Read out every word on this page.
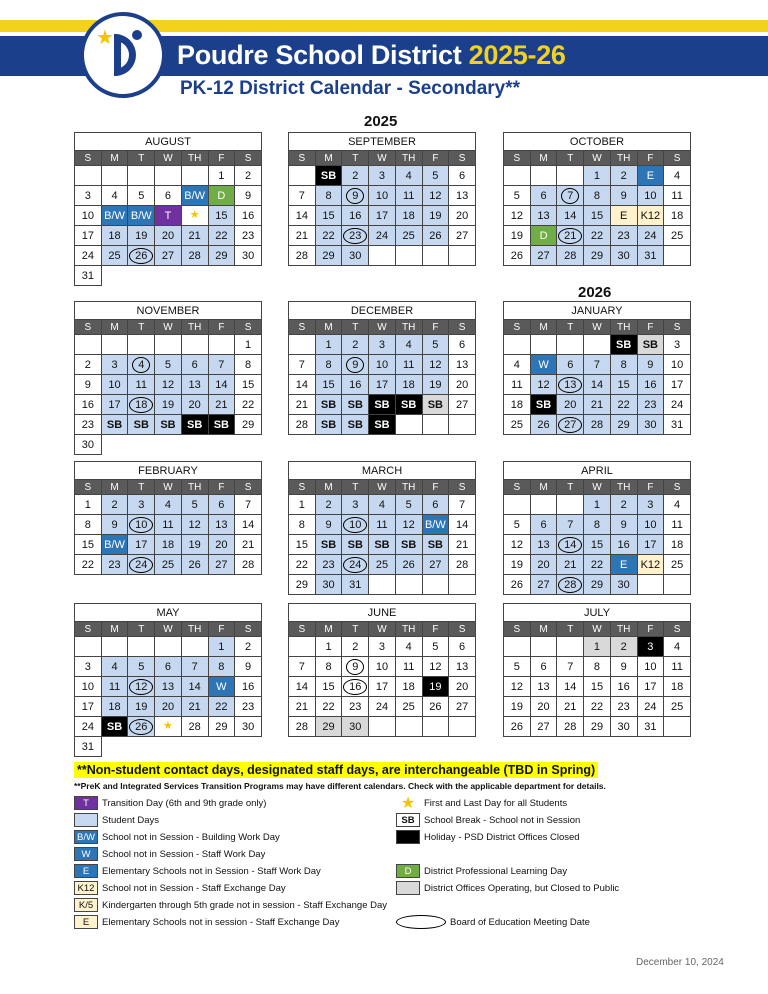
★
Poudre School District 2025-26
PK-12 District Calendar - Secondary**
2025
2026
AUGUST						
S	M	T	W	TH	F	S
					1	2
3	4	5	6	B/W	D	9
10	B/W	B/W	T	★	15	16
17	18	19	20	21	22	23
24	25	26	27	28	29	30
31						
SEPTEMBER						
S	M	T	W	TH	F	S
	SB	2	3	4	5	6
7	8	9	10	11	12	13
14	15	16	17	18	19	20
21	22	23	24	25	26	27
28	29	30				
OCTOBER						
S	M	T	W	TH	F	S
			1	2	E	4
5	6	7	8	9	10	11
12	13	14	15	E	K12	18
19	D	21	22	23	24	25
26	27	28	29	30	31	
NOVEMBER						
S	M	T	W	TH	F	S
						1
2	3	4	5	6	7	8
9	10	11	12	13	14	15
16	17	18	19	20	21	22
23	SB	SB	SB	SB	SB	29
30						
DECEMBER						
S	M	T	W	TH	F	S
	1	2	3	4	5	6
7	8	9	10	11	12	13
14	15	16	17	18	19	20
21	SB	SB	SB	SB	SB	27
28	SB	SB	SB			
JANUARY						
S	M	T	W	TH	F	S
				SB	SB	3
4	W	6	7	8	9	10
11	12	13	14	15	16	17
18	SB	20	21	22	23	24
25	26	27	28	29	30	31
FEBRUARY						
S	M	T	W	TH	F	S
1	2	3	4	5	6	7
8	9	10	11	12	13	14
15	B/W	17	18	19	20	21
22	23	24	25	26	27	28
MARCH						
S	M	T	W	TH	F	S
1	2	3	4	5	6	7
8	9	10	11	12	B/W	14
15	SB	SB	SB	SB	SB	21
22	23	24	25	26	27	28
29	30	31				
APRIL						
S	M	T	W	TH	F	S
			1	2	3	4
5	6	7	8	9	10	11
12	13	14	15	16	17	18
19	20	21	22	E	K12	25
26	27	28	29	30		
MAY						
S	M	T	W	TH	F	S
					1	2
3	4	5	6	7	8	9
10	11	12	13	14	W	16
17	18	19	20	21	22	23
24	SB	26	★	28	29	30
31						
JUNE						
S	M	T	W	TH	F	S
	1	2	3	4	5	6
7	8	9	10	11	12	13
14	15	16	17	18	19	20
21	22	23	24	25	26	27
28	29	30				
JULY						
S	M	T	W	TH	F	S
			1	2	3	4
5	6	7	8	9	10	11
12	13	14	15	16	17	18
19	20	21	22	23	24	25
26	27	28	29	30	31	
**Non-student contact days, designated staff days, are interchangeable (TBD in Spring)
**PreK and Integrated Services Transition Programs may have different calendars. Check with the applicable department for details.
T	Transition Day (6th and 9th grade only)
Student Days
B/W School not in Session - Building Work Day
W	School not in Session - Staff Work Day
E	Elementary Schools not in Session - Staff Work Day
K12 School not in Session - Staff Exchange Day
K/5 Kindergarten through 5th grade not in session - Staff Exchange Day
E	Elementary Schools not in session - Staff Exchange Day
★ First and Last Day for all Students
SB School Break - School not in Session
Holiday - PSD District Offices Closed
D	District Professional Learning Day
District Offices Operating, but Closed to Public
Board of Education Meeting Date
December 10, 2024
